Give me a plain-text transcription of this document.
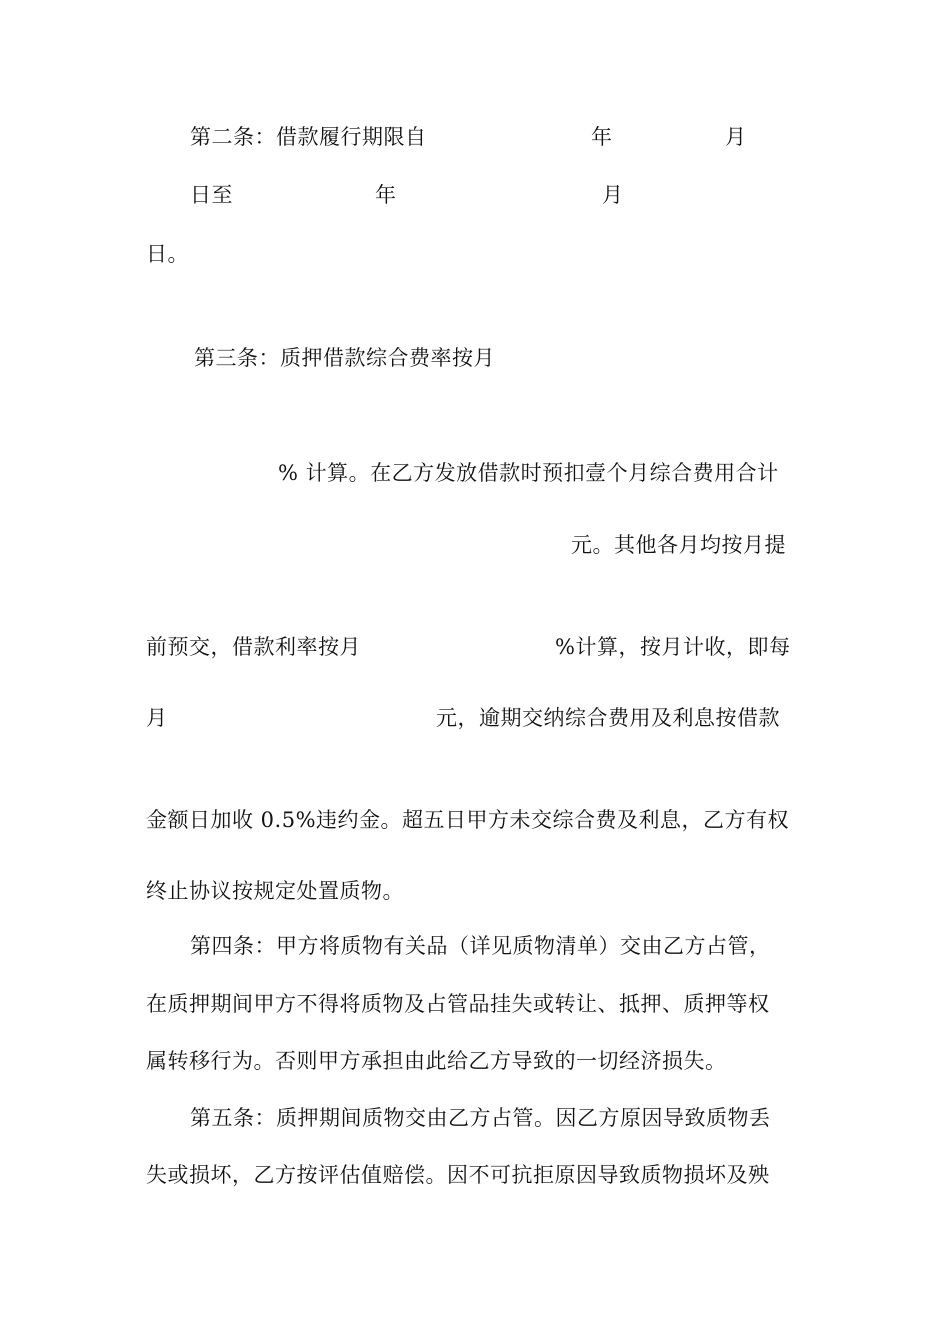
第二条：借款履行期限自	年	月
日至	年	月
日。
第三条：质押借款综合费率按月
% 计算。在乙方发放借款时预扣壹个月综合费用合计
元。其他各月均按月提
前预交，借款利率按月	%计算，按月计收，即每
月	元，逾期交纳综合费用及利息按借款
金额日加收 0.5%违约金。超五日甲方未交综合费及利息，乙方有权
终止协议按规定处置质物。
第四条：甲方将质物有关品（详见质物清单）交由乙方占管，
在质押期间甲方不得将质物及占管品挂失或转让、抵押、质押等权
属转移行为。否则甲方承担由此给乙方导致的一切经济损失。
第五条：质押期间质物交由乙方占管。因乙方原因导致质物丢
失或损坏，乙方按评估值赔偿。因不可抗拒原因导致质物损坏及殃
